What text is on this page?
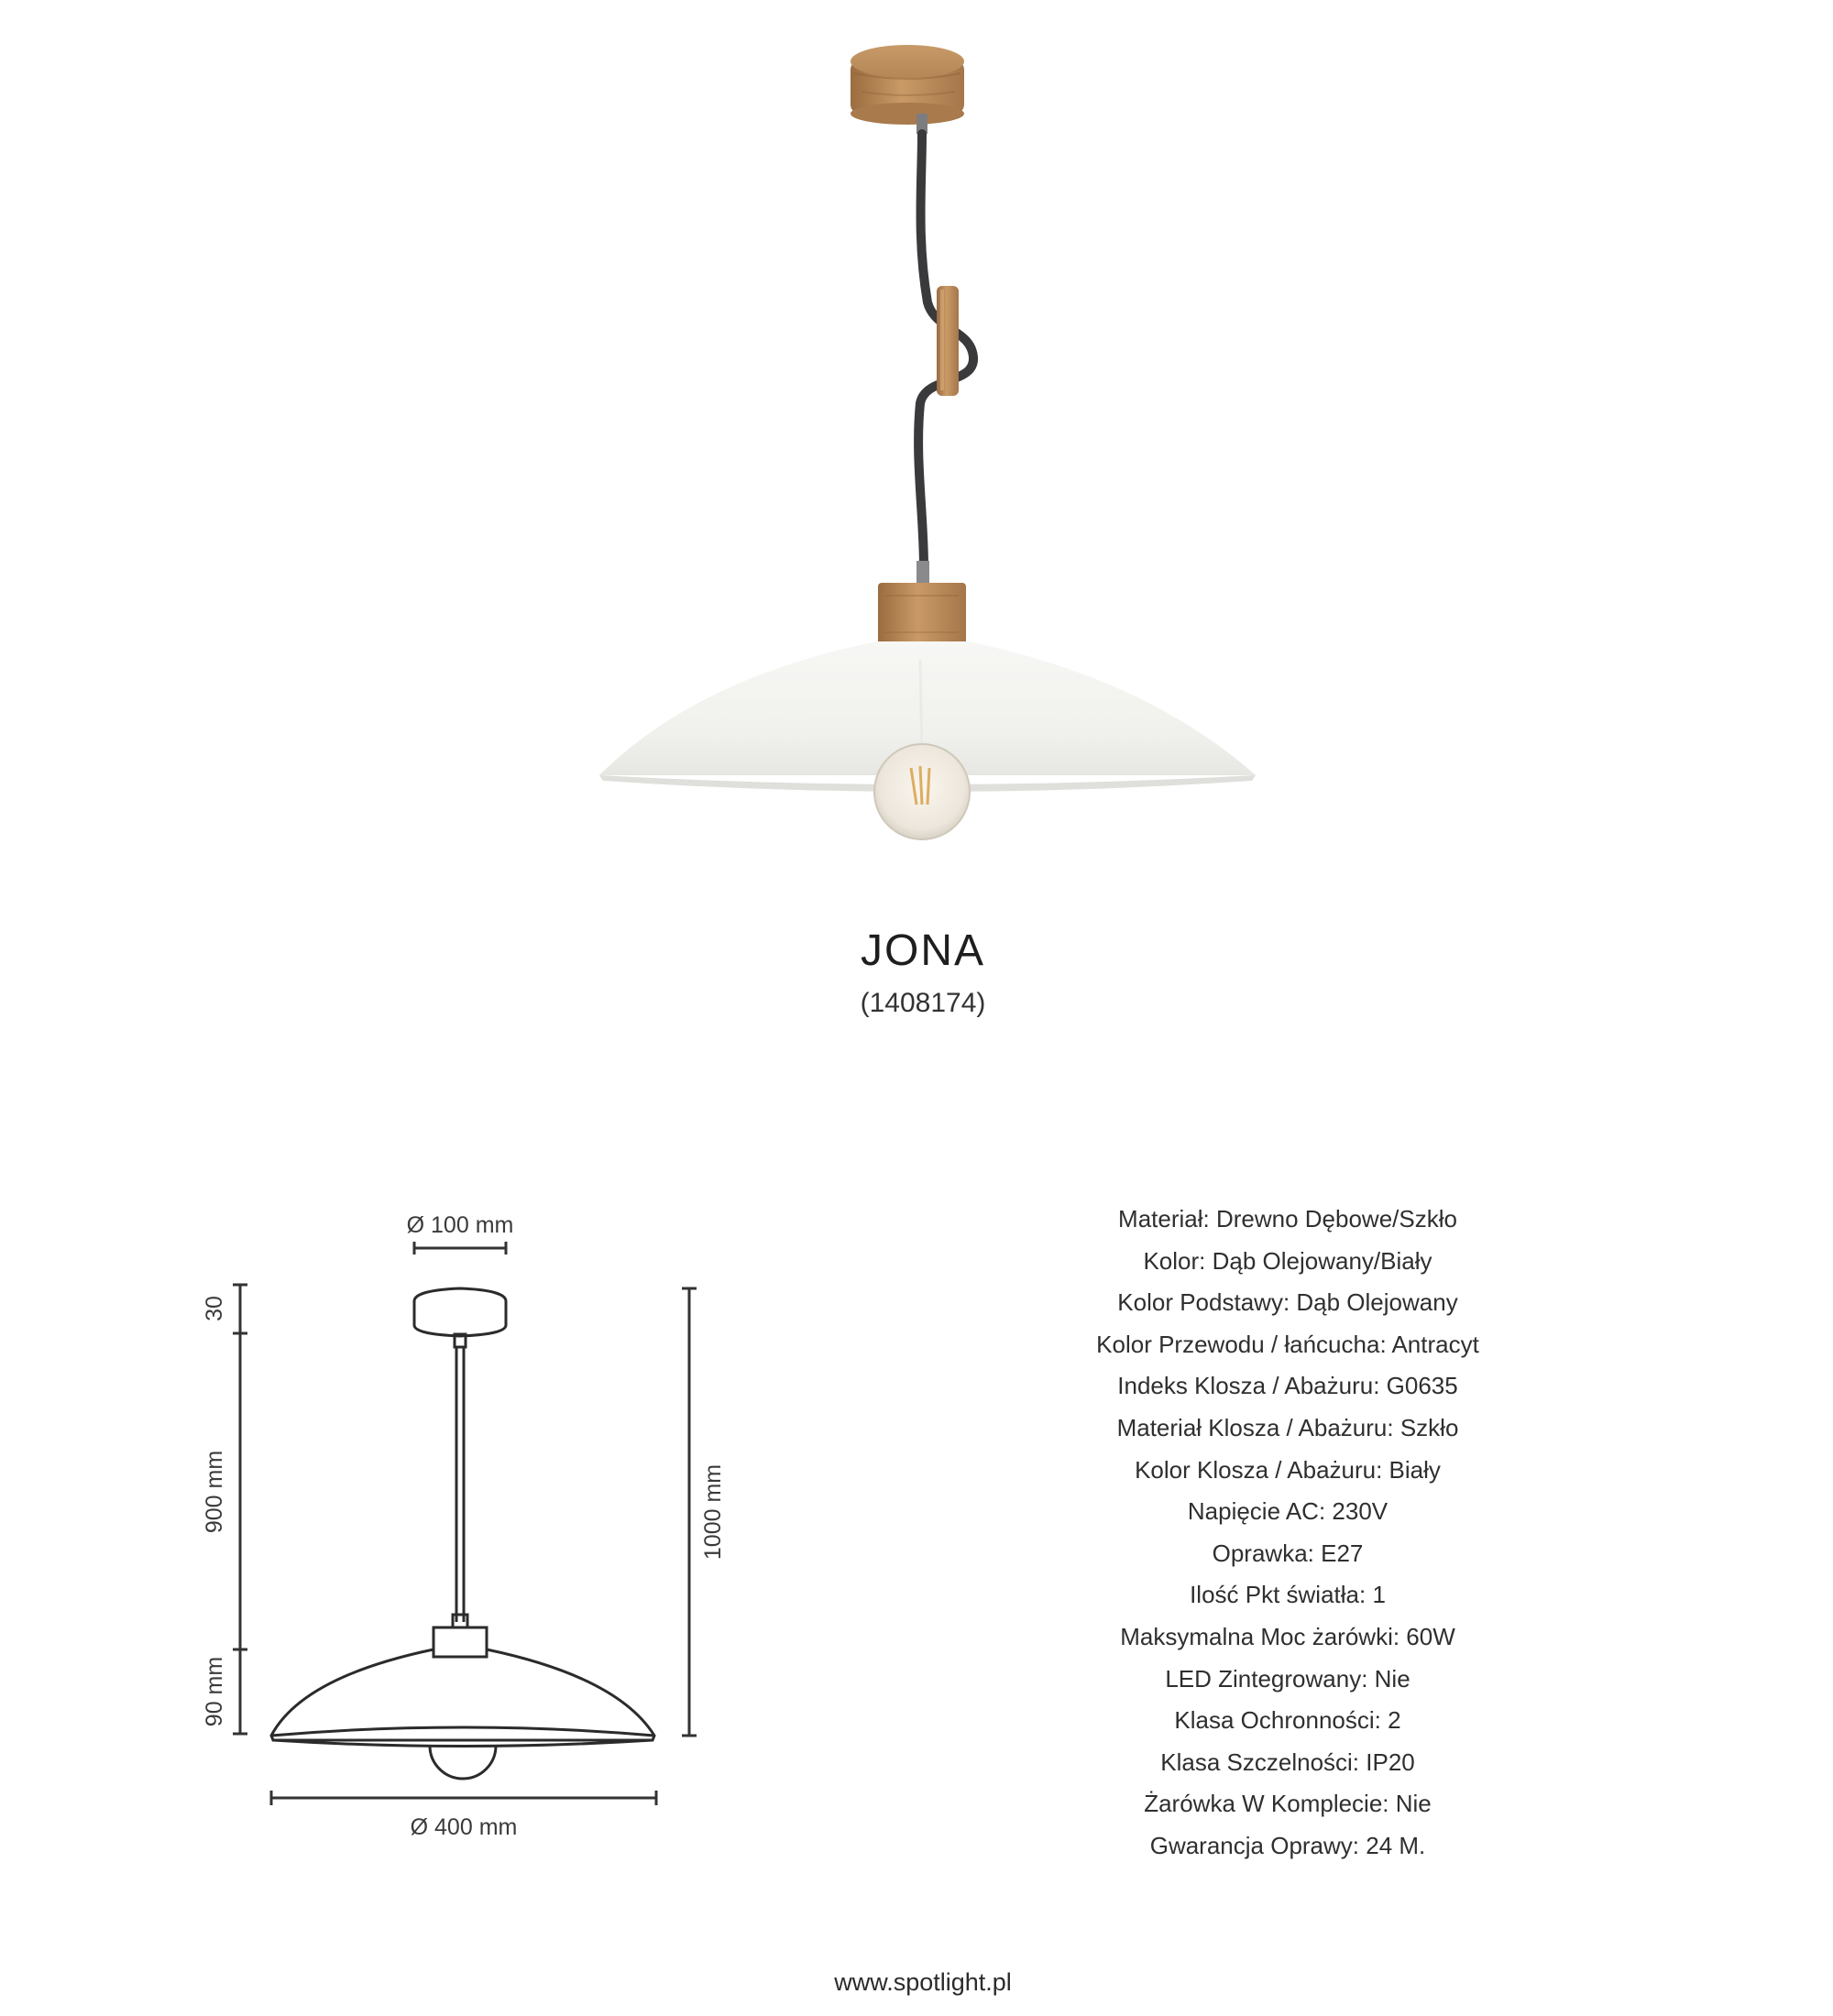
JONA
(1408174)
Ø 100 mm
30
900 mm
90 mm
1000 mm
Ø 400 mm
Materiał: Drewno Dębowe/Szkło
Kolor: Dąb Olejowany/Biały
Kolor Podstawy: Dąb Olejowany
Kolor Przewodu / łańcucha: Antracyt
Indeks Klosza / Abażuru: G0635
Materiał Klosza / Abażuru: Szkło
Kolor Klosza / Abażuru: Biały
Napięcie AC: 230V
Oprawka: E27
Ilość Pkt światła: 1
Maksymalna Moc żarówki: 60W
LED Zintegrowany: Nie
Klasa Ochronności: 2
Klasa Szczelności: IP20
Żarówka W Komplecie: Nie
Gwarancja Oprawy: 24 M.
www.spotlight.pl
